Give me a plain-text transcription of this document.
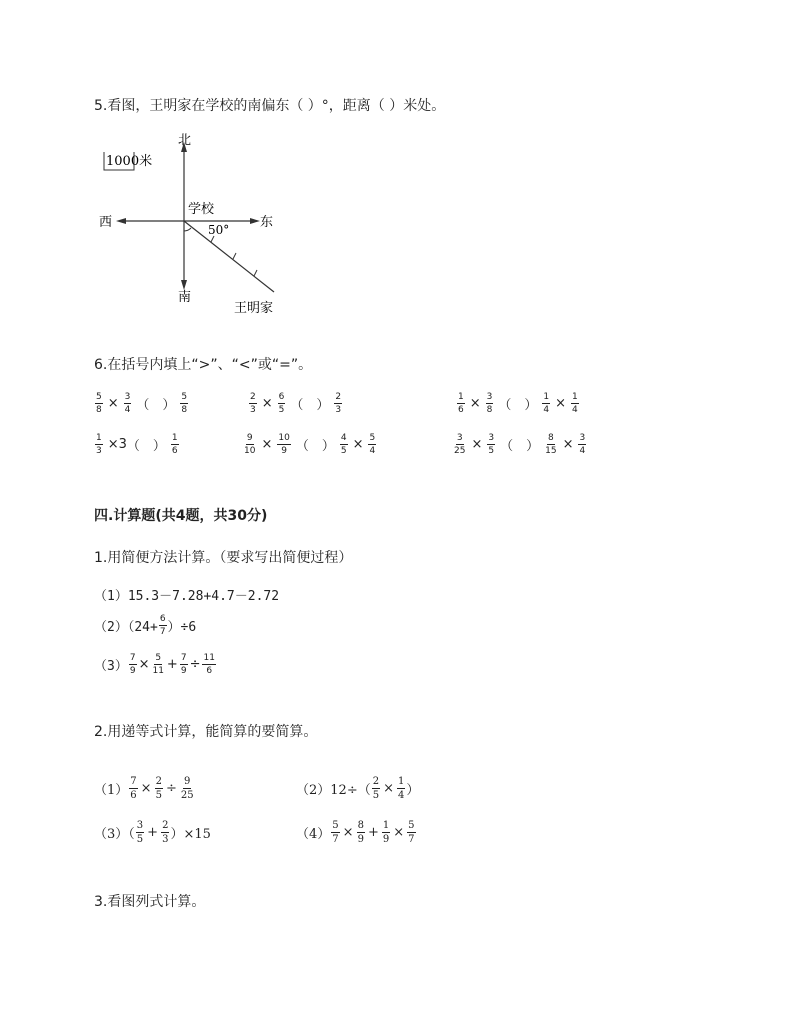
5.看图，王明家在学校的南偏东（ ）°，距离（ ）米处。
1000米
北
南
西	东
学校
50°
王明家
6.在括号内填上“>”、“<”或“=”。
$\frac{5}{8} \times \frac{3}{4}$ （　） $\frac{5}{8}$	$\frac{2}{3} \times \frac{6}{5}$ （　） $\frac{2}{3}$	$\frac{1}{6} \times \frac{3}{8}$ （　） $\frac{1}{4} \times \frac{1}{4}$
$\frac{1}{3} \times 3$ （　） $\frac{1}{6}$	$\frac{9}{10} \times \frac{10}{9}$ （　） $\frac{4}{5} \times \frac{5}{4}$	$\frac{3}{25} \times \frac{3}{5}$ （　） $\frac{8}{15} \times \frac{3}{4}$
四.计算题(共4题，共30分)
1.用简便方法计算。（要求写出简便过程）
（1）15.3－7.28+4.7－2.72
$(2)(24+ \frac{6}{7} )\div 6$
$(3) \frac{7}{9} \times \frac{5}{11} + \frac{7}{9} \div \frac{11}{6}$
2.用递等式计算，能简算的要简算。
$(1) \frac{7}{6} \times \frac{2}{5} \div \frac{9}{25}$	$(2)12\div( \frac{2}{5} \times \frac{1}{4}$ ）
$(3)( \frac{3}{5} + \frac{2}{3} )\times 15$	$(4) \frac{5}{7} \times \frac{8}{9} + \frac{1}{9} \times \frac{5}{7}$
3.看图列式计算。
